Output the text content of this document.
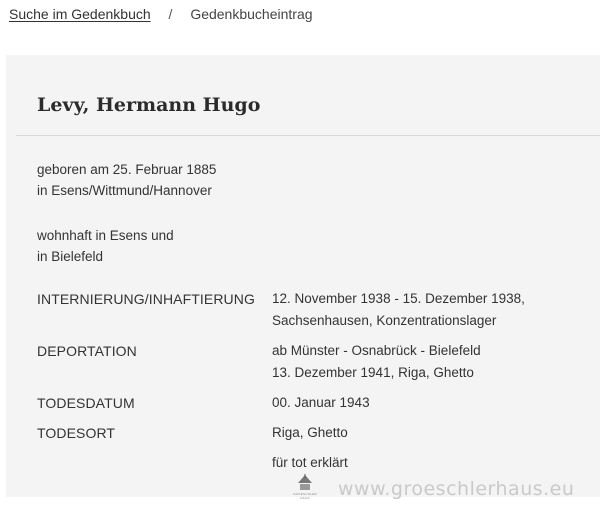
Suche im Gedenkbuch / Gedenkbucheintrag
Levy, Hermann Hugo
geboren am 25. Februar 1885
in Esens/Wittmund/Hannover
wohnhaft in Esens und
in Bielefeld
INTERNIERUNG/INHAFTIERUNG 12. November 1938 - 15. Dezember 1938,
Sachsenhausen, Konzentrationslager
DEPORTATION	ab Münster - Osnabrück - Bielefeld
13. Dezember 1941, Riga, Ghetto
TODESDATUM	00. Januar 1943
TODESORT	Riga, Ghetto
für tot erklärt
GROESCHLER HAUS	www.groeschlerhaus.eu
